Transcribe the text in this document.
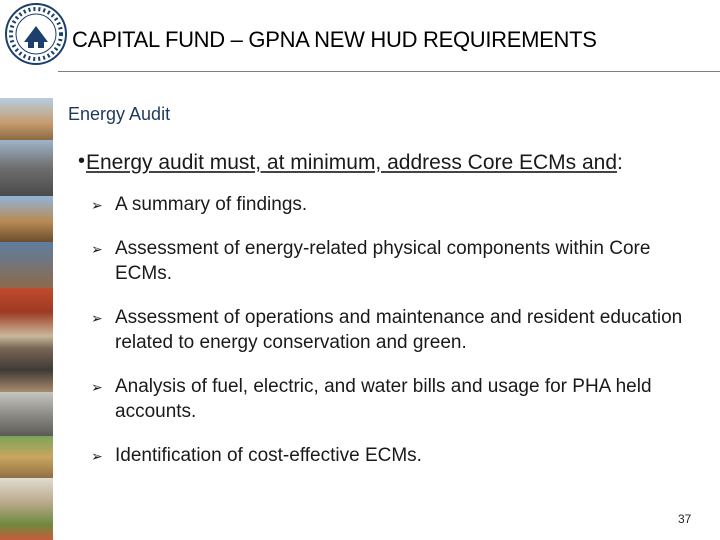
CAPITAL FUND – GPNA NEW HUD REQUIREMENTS
Energy Audit
• Energy audit must, at minimum, address Core ECMs and:
➢ A summary of findings.
➢ Assessment of energy-related physical components within Core ECMs.
➢ Assessment of operations and maintenance and resident education related to energy conservation and green.
➢ Analysis of fuel, electric, and water bills and usage for PHA held accounts.
➢ Identification of cost-effective ECMs.
37
